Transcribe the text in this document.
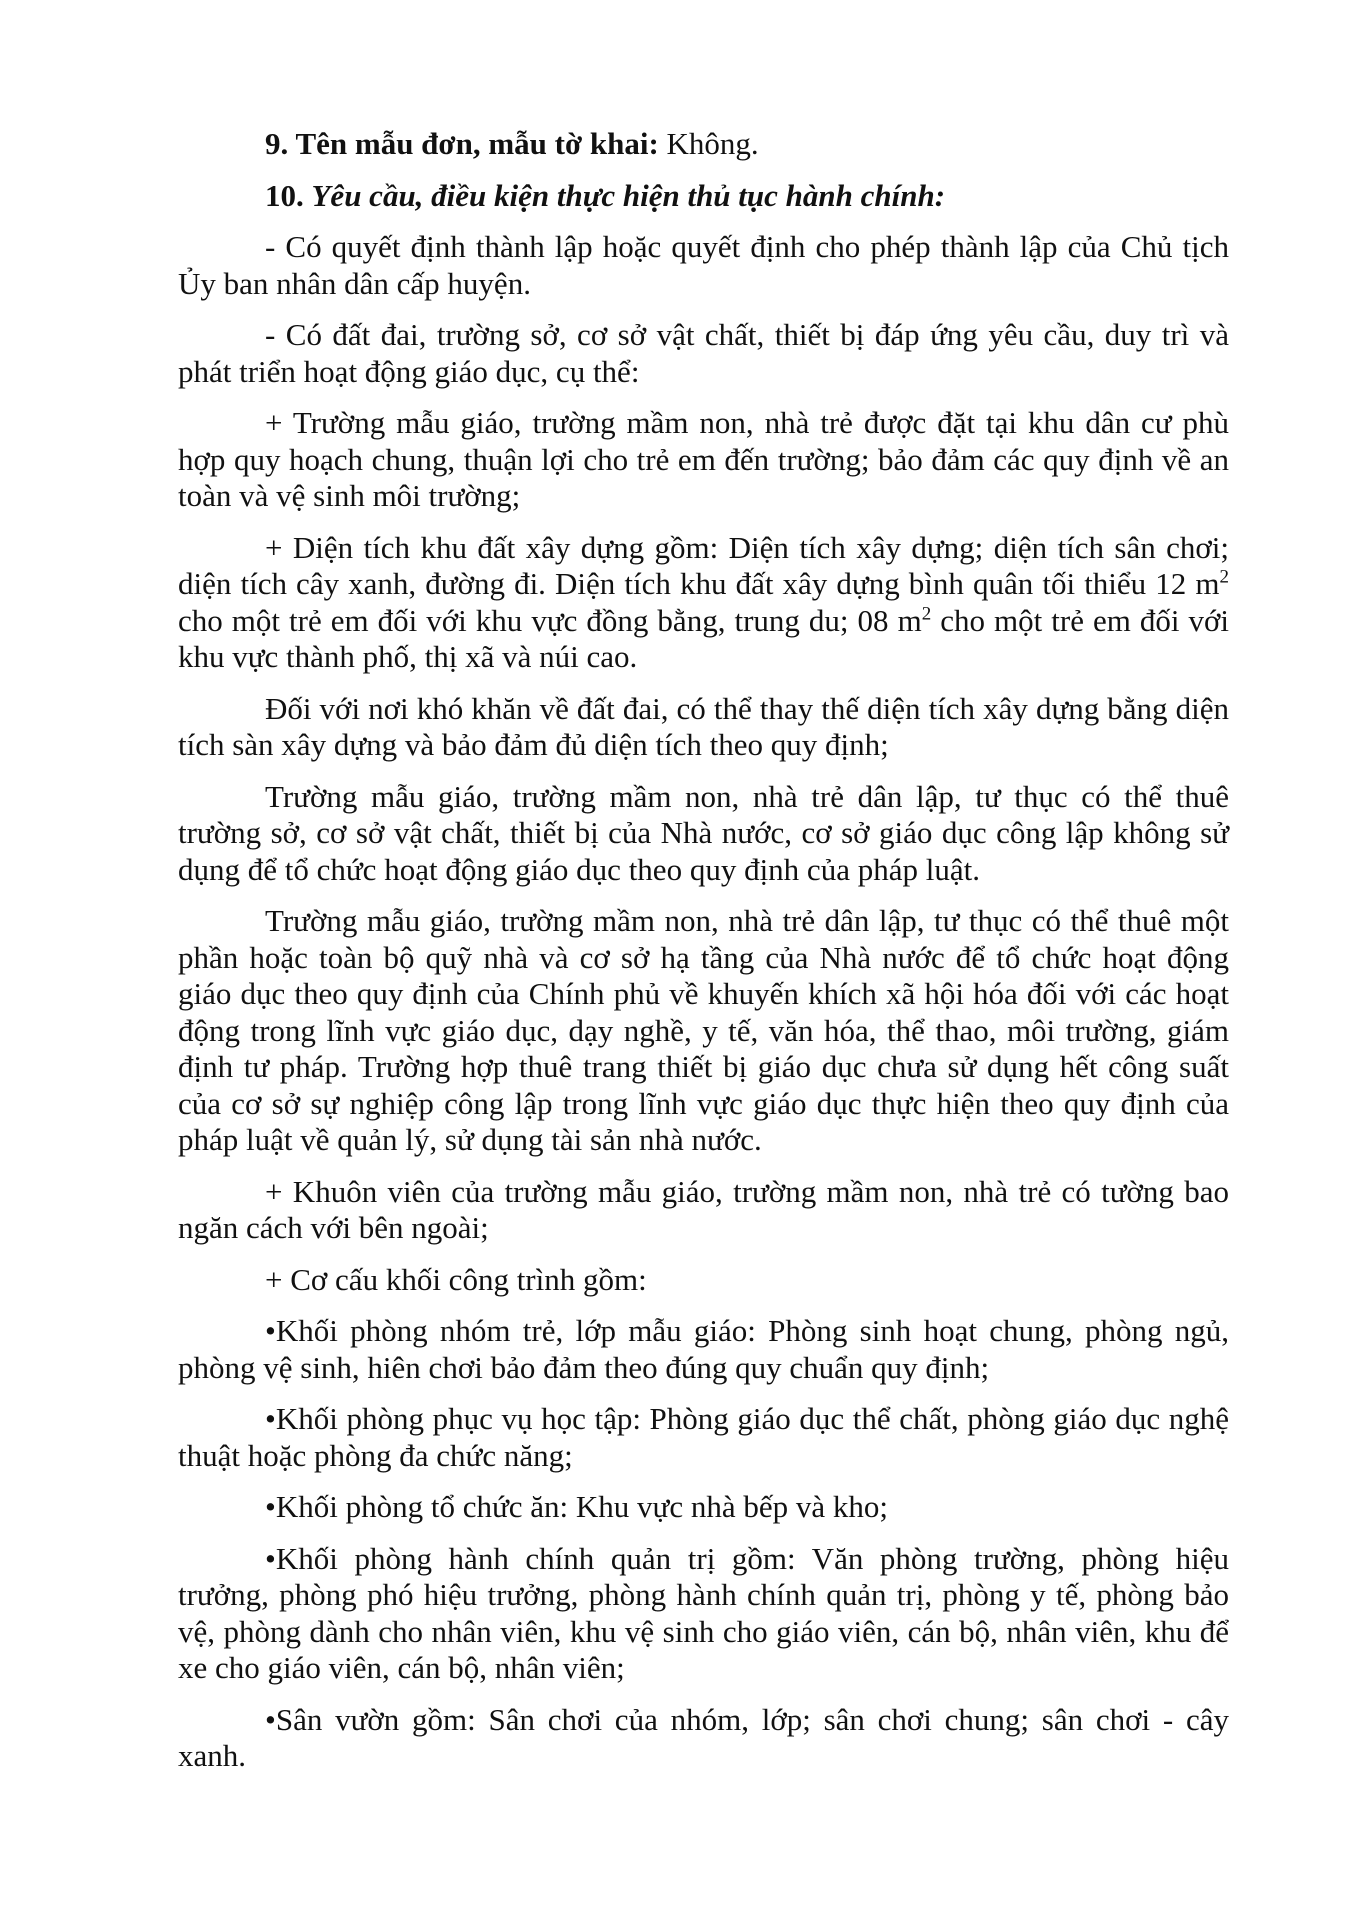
9. Tên mẫu đơn, mẫu tờ khai: Không.

10. Yêu cầu, điều kiện thực hiện thủ tục hành chính:

- Có quyết định thành lập hoặc quyết định cho phép thành lập của Chủ tịch Ủy ban nhân dân cấp huyện.

- Có đất đai, trường sở, cơ sở vật chất, thiết bị đáp ứng yêu cầu, duy trì và phát triển hoạt động giáo dục, cụ thể:

+ Trường mẫu giáo, trường mầm non, nhà trẻ được đặt tại khu dân cư phù hợp quy hoạch chung, thuận lợi cho trẻ em đến trường; bảo đảm các quy định về an toàn và vệ sinh môi trường;

+ Diện tích khu đất xây dựng gồm: Diện tích xây dựng; diện tích sân chơi; diện tích cây xanh, đường đi. Diện tích khu đất xây dựng bình quân tối thiểu 12 $m^2$ cho một trẻ em đối với khu vực đồng bằng, trung du; 08 $m^2$ cho một trẻ em đối với khu vực thành phố, thị xã và núi cao.

Đối với nơi khó khăn về đất đai, có thể thay thế diện tích xây dựng bằng diện tích sàn xây dựng và bảo đảm đủ diện tích theo quy định;

Trường mẫu giáo, trường mầm non, nhà trẻ dân lập, tư thục có thể thuê trường sở, cơ sở vật chất, thiết bị của Nhà nước, cơ sở giáo dục công lập không sử dụng để tổ chức hoạt động giáo dục theo quy định của pháp luật.

Trường mẫu giáo, trường mầm non, nhà trẻ dân lập, tư thục có thể thuê một phần hoặc toàn bộ quỹ nhà và cơ sở hạ tầng của Nhà nước để tổ chức hoạt động giáo dục theo quy định của Chính phủ về khuyến khích xã hội hóa đối với các hoạt động trong lĩnh vực giáo dục, dạy nghề, y tế, văn hóa, thể thao, môi trường, giám định tư pháp. Trường hợp thuê trang thiết bị giáo dục chưa sử dụng hết công suất của cơ sở sự nghiệp công lập trong lĩnh vực giáo dục thực hiện theo quy định của pháp luật về quản lý, sử dụng tài sản nhà nước.

+ Khuôn viên của trường mẫu giáo, trường mầm non, nhà trẻ có tường bao ngăn cách với bên ngoài;

+ Cơ cấu khối công trình gồm:

•Khối phòng nhóm trẻ, lớp mẫu giáo: Phòng sinh hoạt chung, phòng ngủ, phòng vệ sinh, hiên chơi bảo đảm theo đúng quy chuẩn quy định;

•Khối phòng phục vụ học tập: Phòng giáo dục thể chất, phòng giáo dục nghệ thuật hoặc phòng đa chức năng;

•Khối phòng tổ chức ăn: Khu vực nhà bếp và kho;

•Khối phòng hành chính quản trị gồm: Văn phòng trường, phòng hiệu trưởng, phòng phó hiệu trưởng, phòng hành chính quản trị, phòng y tế, phòng bảo vệ, phòng dành cho nhân viên, khu vệ sinh cho giáo viên, cán bộ, nhân viên, khu để xe cho giáo viên, cán bộ, nhân viên;

•Sân vườn gồm: Sân chơi của nhóm, lớp; sân chơi chung; sân chơi - cây xanh.
